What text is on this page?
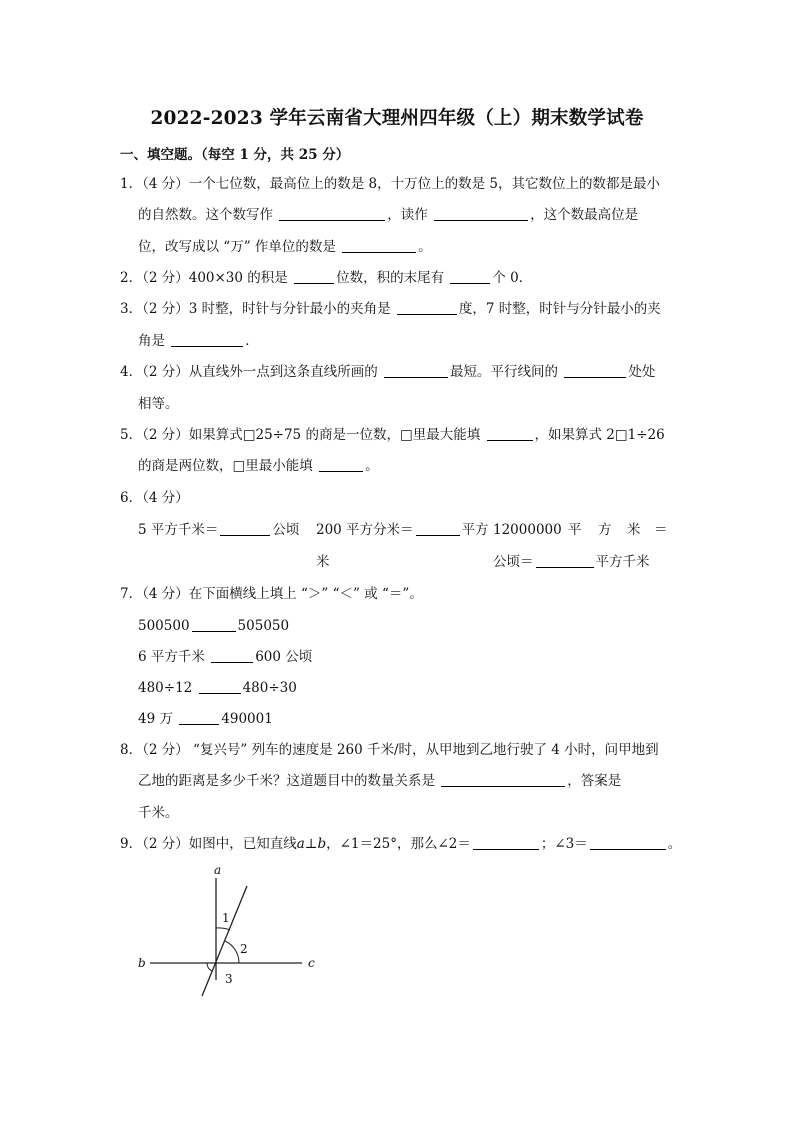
2022-2023 学年云南省大理州四年级（上）期末数学试卷
一、填空题。（每空 1 分，共 25 分）
1．（4 分）一个七位数，最高位上的数是 8，十万位上的数是 5，其它数位上的数都是最小
的自然数。这个数写作	，读作	，这个数最高位是
位，改写成以 “万” 作单位的数是	。
2．（2 分）400×30 的积是	位数，积的末尾有	个 0．
3．（2 分）3 时整，时针与分针最小的夹角是	度，7 时整，时针与分针最小的夹
角是	．
4．（2 分）从直线外一点到这条直线所画的	最短。平行线间的	处处
相等。
5．（2 分）如果算式□25÷75 的商是一位数，□里最大能填	，如果算式 2□1÷26
的商是两位数，□里最小能填	。
6．（4 分）
5 平方千米＝	公顷 200 平方分米＝	平方 12000000 平 方 米 ＝
米	公顷＝	平方千米
7．（4 分）在下面横线上填上 “＞” “＜” 或 “＝”。
500500	505050
6 平方千米	600 公顷
480÷12	480÷30
49 万	490001
8．（2 分） “复兴号” 列车的速度是 260 千米/时，从甲地到乙地行驶了 4 小时，问甲地到
乙地的距离是多少千米？这道题目中的数量关系是	，答案是
千米。
9．（2 分）如图中，已知直线a⊥b，∠1＝25°，那么∠2＝	；∠3＝	。
a
b	c
1
2
3
